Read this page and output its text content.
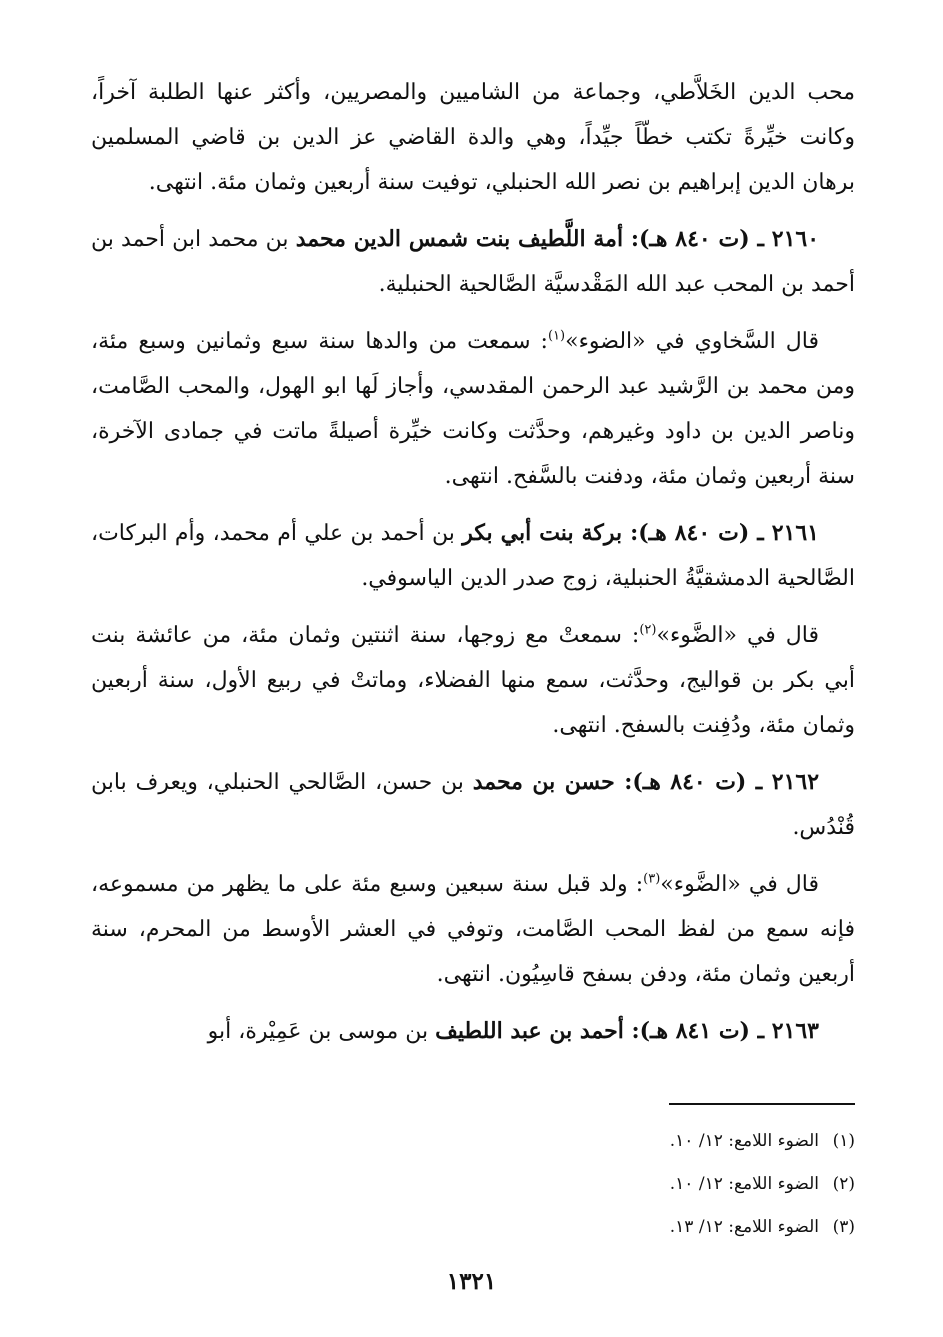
محب الدين الخَلاَّطي، وجماعة من الشاميين والمصريين، وأكثر عنها الطلبة آخراً، وكانت خيِّرةً تكتب خطّاً جيِّداً، وهي والدة القاضي عز الدين بن قاضي المسلمين برهان الدين إبراهيم بن نصر الله الحنبلي، توفيت سنة أربعين وثمان مئة. انتهى.

٢١٦٠ ـ (ت ٨٤٠ هـ): أمة اللَّطيف بنت شمس الدين محمد بن محمد ابن أحمد بن أحمد بن المحب عبد الله المَقْدسيَّة الصَّالحية الحنبلية.

قال السَّخاوي في «الضوء»$^{(١)}$: سمعت من والدها سنة سبع وثمانين وسبع مئة، ومن محمد بن الرَّشيد عبد الرحمن المقدسي، وأجاز لَها ابو الهول، والمحب الصَّامت، وناصر الدين بن داود وغيرهم، وحدَّثت وكانت خيِّرة أصيلةً ماتت في جمادى الآخرة، سنة أربعين وثمان مئة، ودفنت بالسَّفح. انتهى.

٢١٦١ ـ (ت ٨٤٠ هـ): بركة بنت أبي بكر بن أحمد بن علي أم محمد، وأم البركات، الصَّالحية الدمشقيَّةُ الحنبلية، زوج صدر الدين الياسوفي.

قال في «الضَّوء»$^{(٢)}$: سمعتْ مع زوجها، سنة اثنتين وثمان مئة، من عائشة بنت أبي بكر بن قواليج، وحدَّثت، سمع منها الفضلاء، وماتتْ في ربيع الأول، سنة أربعين وثمان مئة، ودُفِنت بالسفح. انتهى.

٢١٦٢ ـ (ت ٨٤٠ هـ): حسن بن محمد بن حسن، الصَّالحي الحنبلي، ويعرف بابن قُنْدُس.

قال في «الضَّوء»$^{(٣)}$: ولد قبل سنة سبعين وسبع مئة على ما يظهر من مسموعه، فإنه سمع من لفظ المحب الصَّامت، وتوفي في العشر الأوسط من المحرم، سنة أربعين وثمان مئة، ودفن بسفح قاسِيُون. انتهى.

٢١٦٣ ـ (ت ٨٤١ هـ): أحمد بن عبد اللطيف بن موسى بن عَمِيْرة، أبو

(١)الضوء اللامع: ١٢/ ١٠.
(٢)الضوء اللامع: ١٢/ ١٠.
(٣)الضوء اللامع: ١٢/ ١٣.
١٣٢١
